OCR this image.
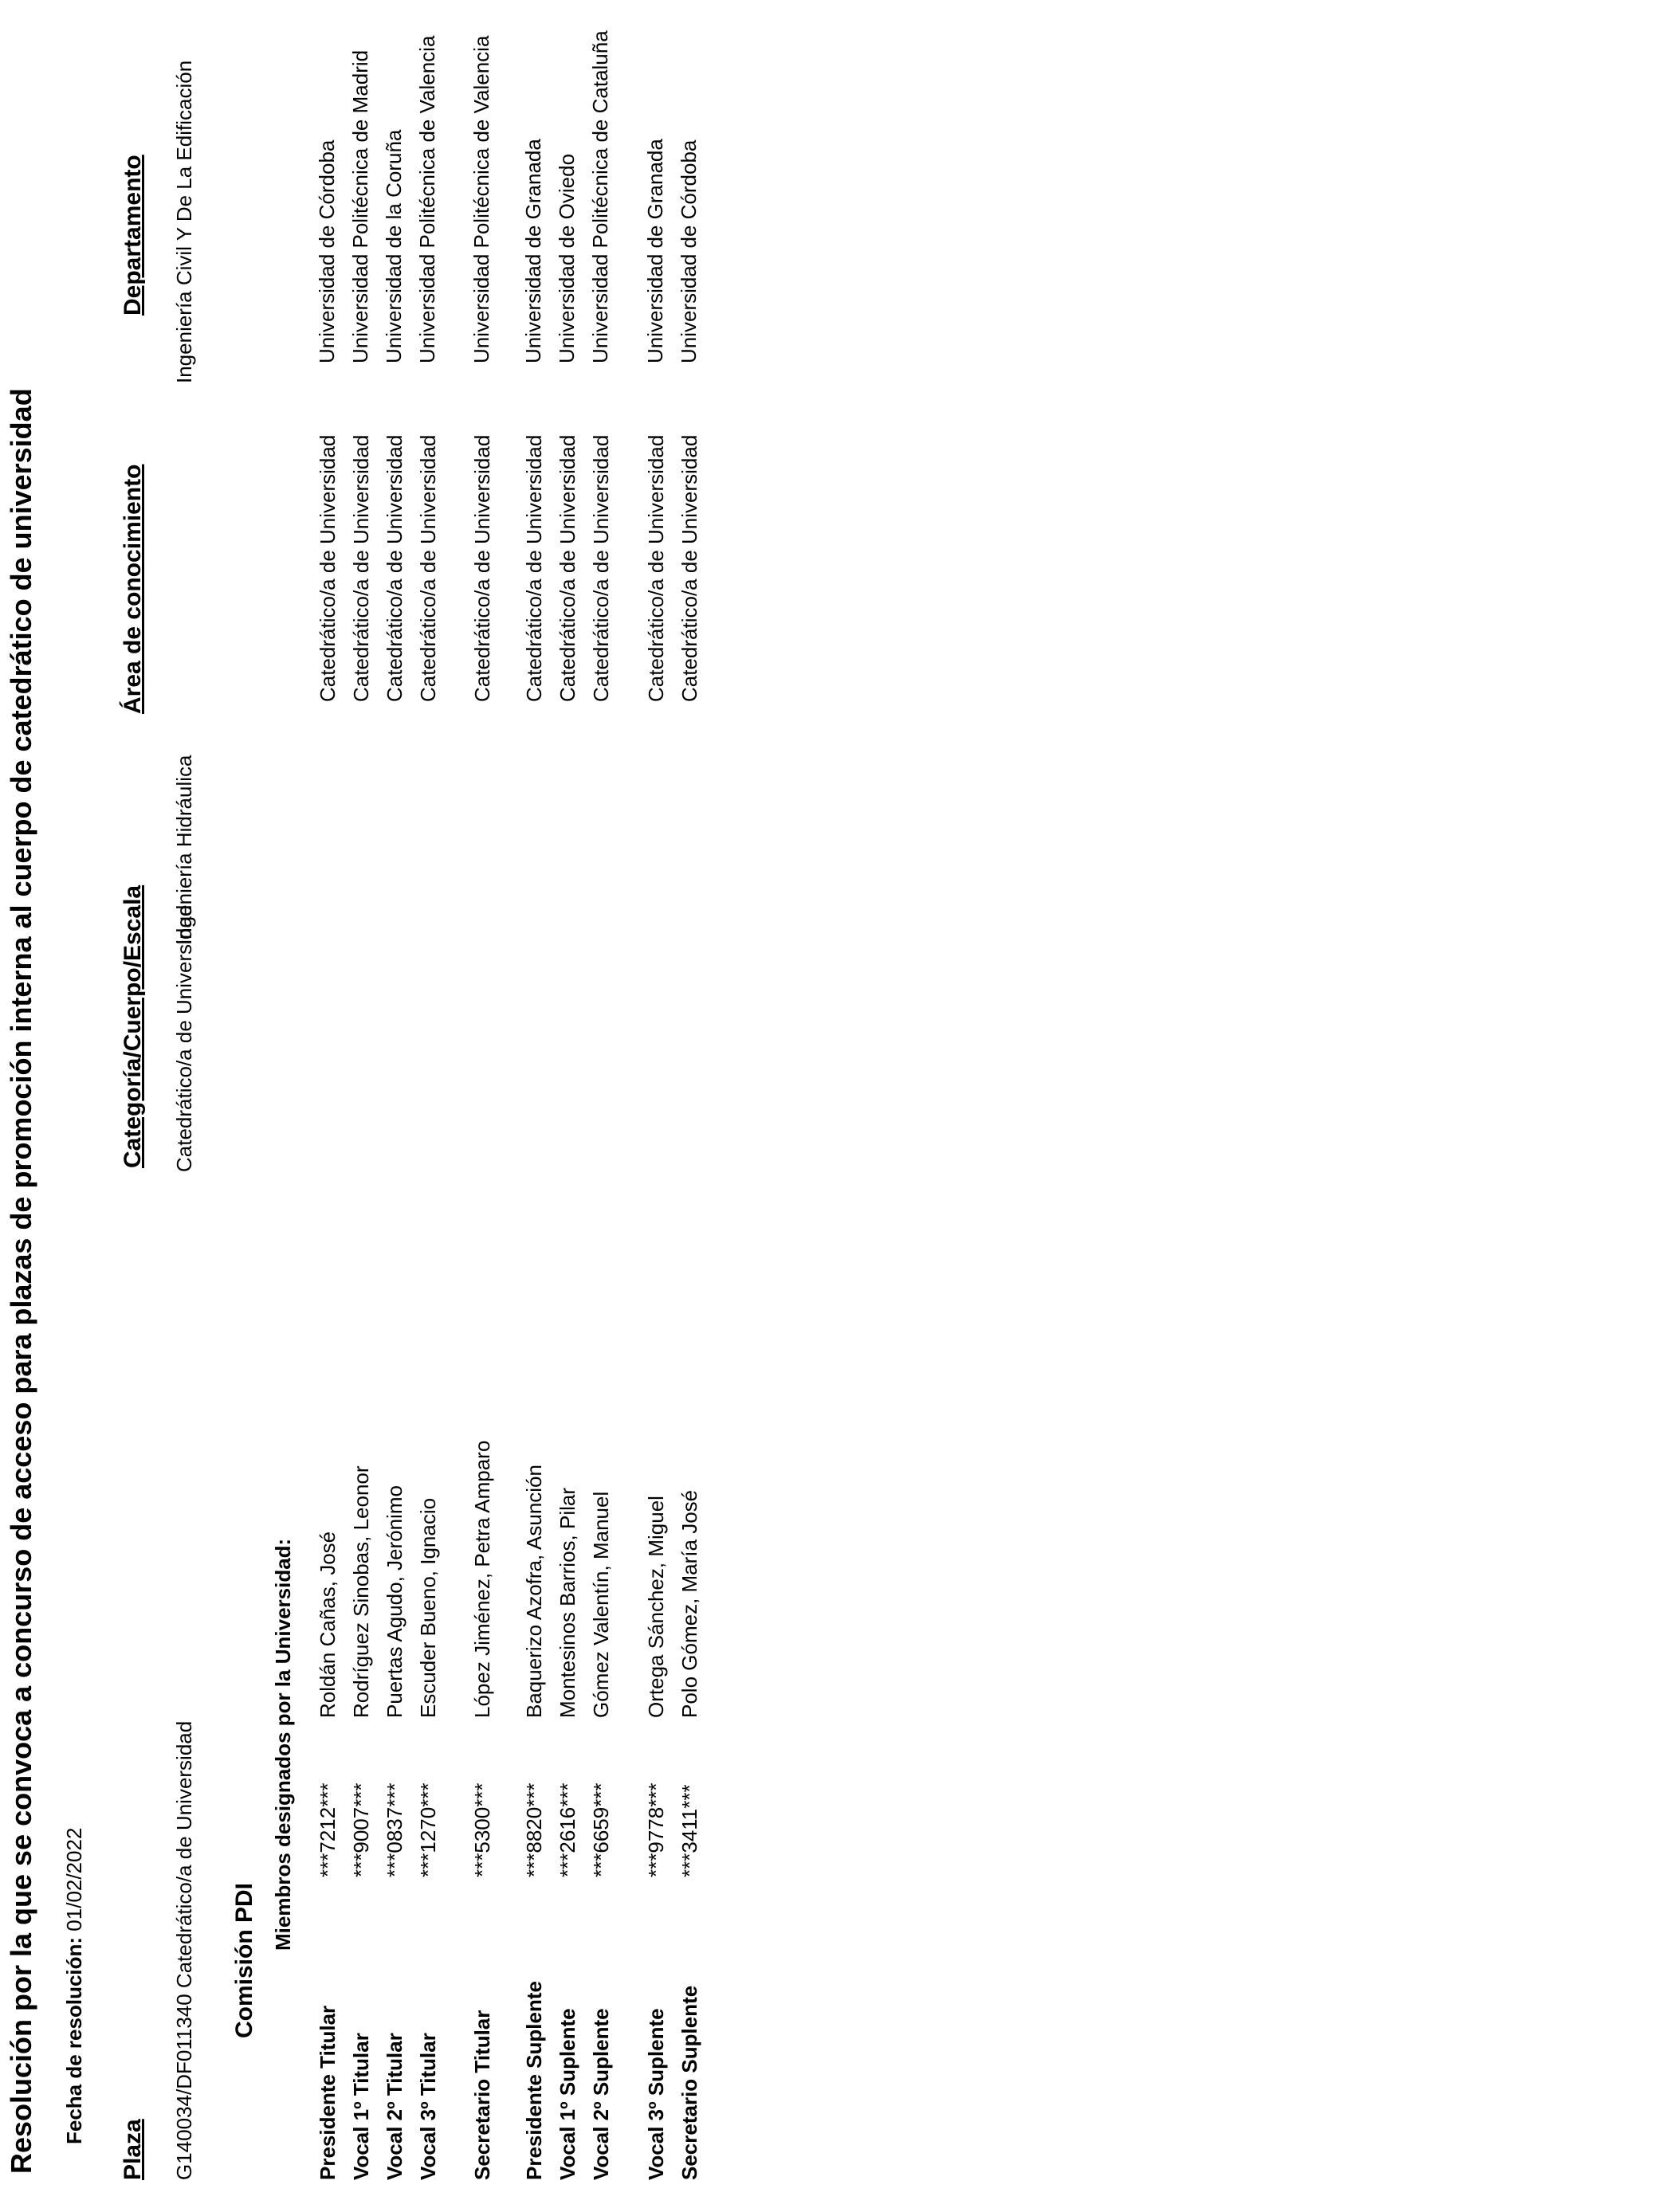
Resolución por la que se convoca a concurso de acceso para plazas de promoción interna al cuerpo de catedrático de universidad Fecha de resolución: 01/02/2022
Plaza
Categoría/Cuerpo/Escala
Área de conocimiento
Departamento
G140034/DF011340 Catedrático/a de Universidad
Catedrático/a de Universidad
Ingeniería Hidráulica
Ingeniería Civil Y De La Edificación
Comisión PDI
Miembros designados por la Universidad:
Presidente Titular
***7212***
Roldán Cañas, José
Catedrático/a de Universidad
Universidad de Córdoba
Vocal 1º Titular
***9007***
Rodríguez Sinobas, Leonor
Catedrático/a de Universidad
Universidad Politécnica de Madrid
Vocal 2º Titular
***0837***
Puertas Agudo, Jerónimo
Catedrático/a de Universidad
Universidad de la Coruña
Vocal 3º Titular
***1270***
Escuder Bueno, Ignacio
Catedrático/a de Universidad
Universidad Politécnica de Valencia
Secretario Titular
***5300***
López Jiménez, Petra Amparo
Catedrático/a de Universidad
Universidad Politécnica de Valencia
Presidente Suplente
***8820***
Baquerizo Azofra, Asunción
Catedrático/a de Universidad
Universidad de Granada
Vocal 1º Suplente
***2616***
Montesinos Barrios, Pilar
Catedrático/a de Universidad
Universidad de Oviedo
Vocal 2º Suplente
***6659***
Gómez Valentín, Manuel
Catedrático/a de Universidad
Universidad Politécnica de Cataluña
Vocal 3º Suplente
***9778***
Ortega Sánchez, Miguel
Catedrático/a de Universidad
Universidad de Granada
Secretario Suplente
***3411***
Polo Gómez, María José
Catedrático/a de Universidad
Universidad de Córdoba
